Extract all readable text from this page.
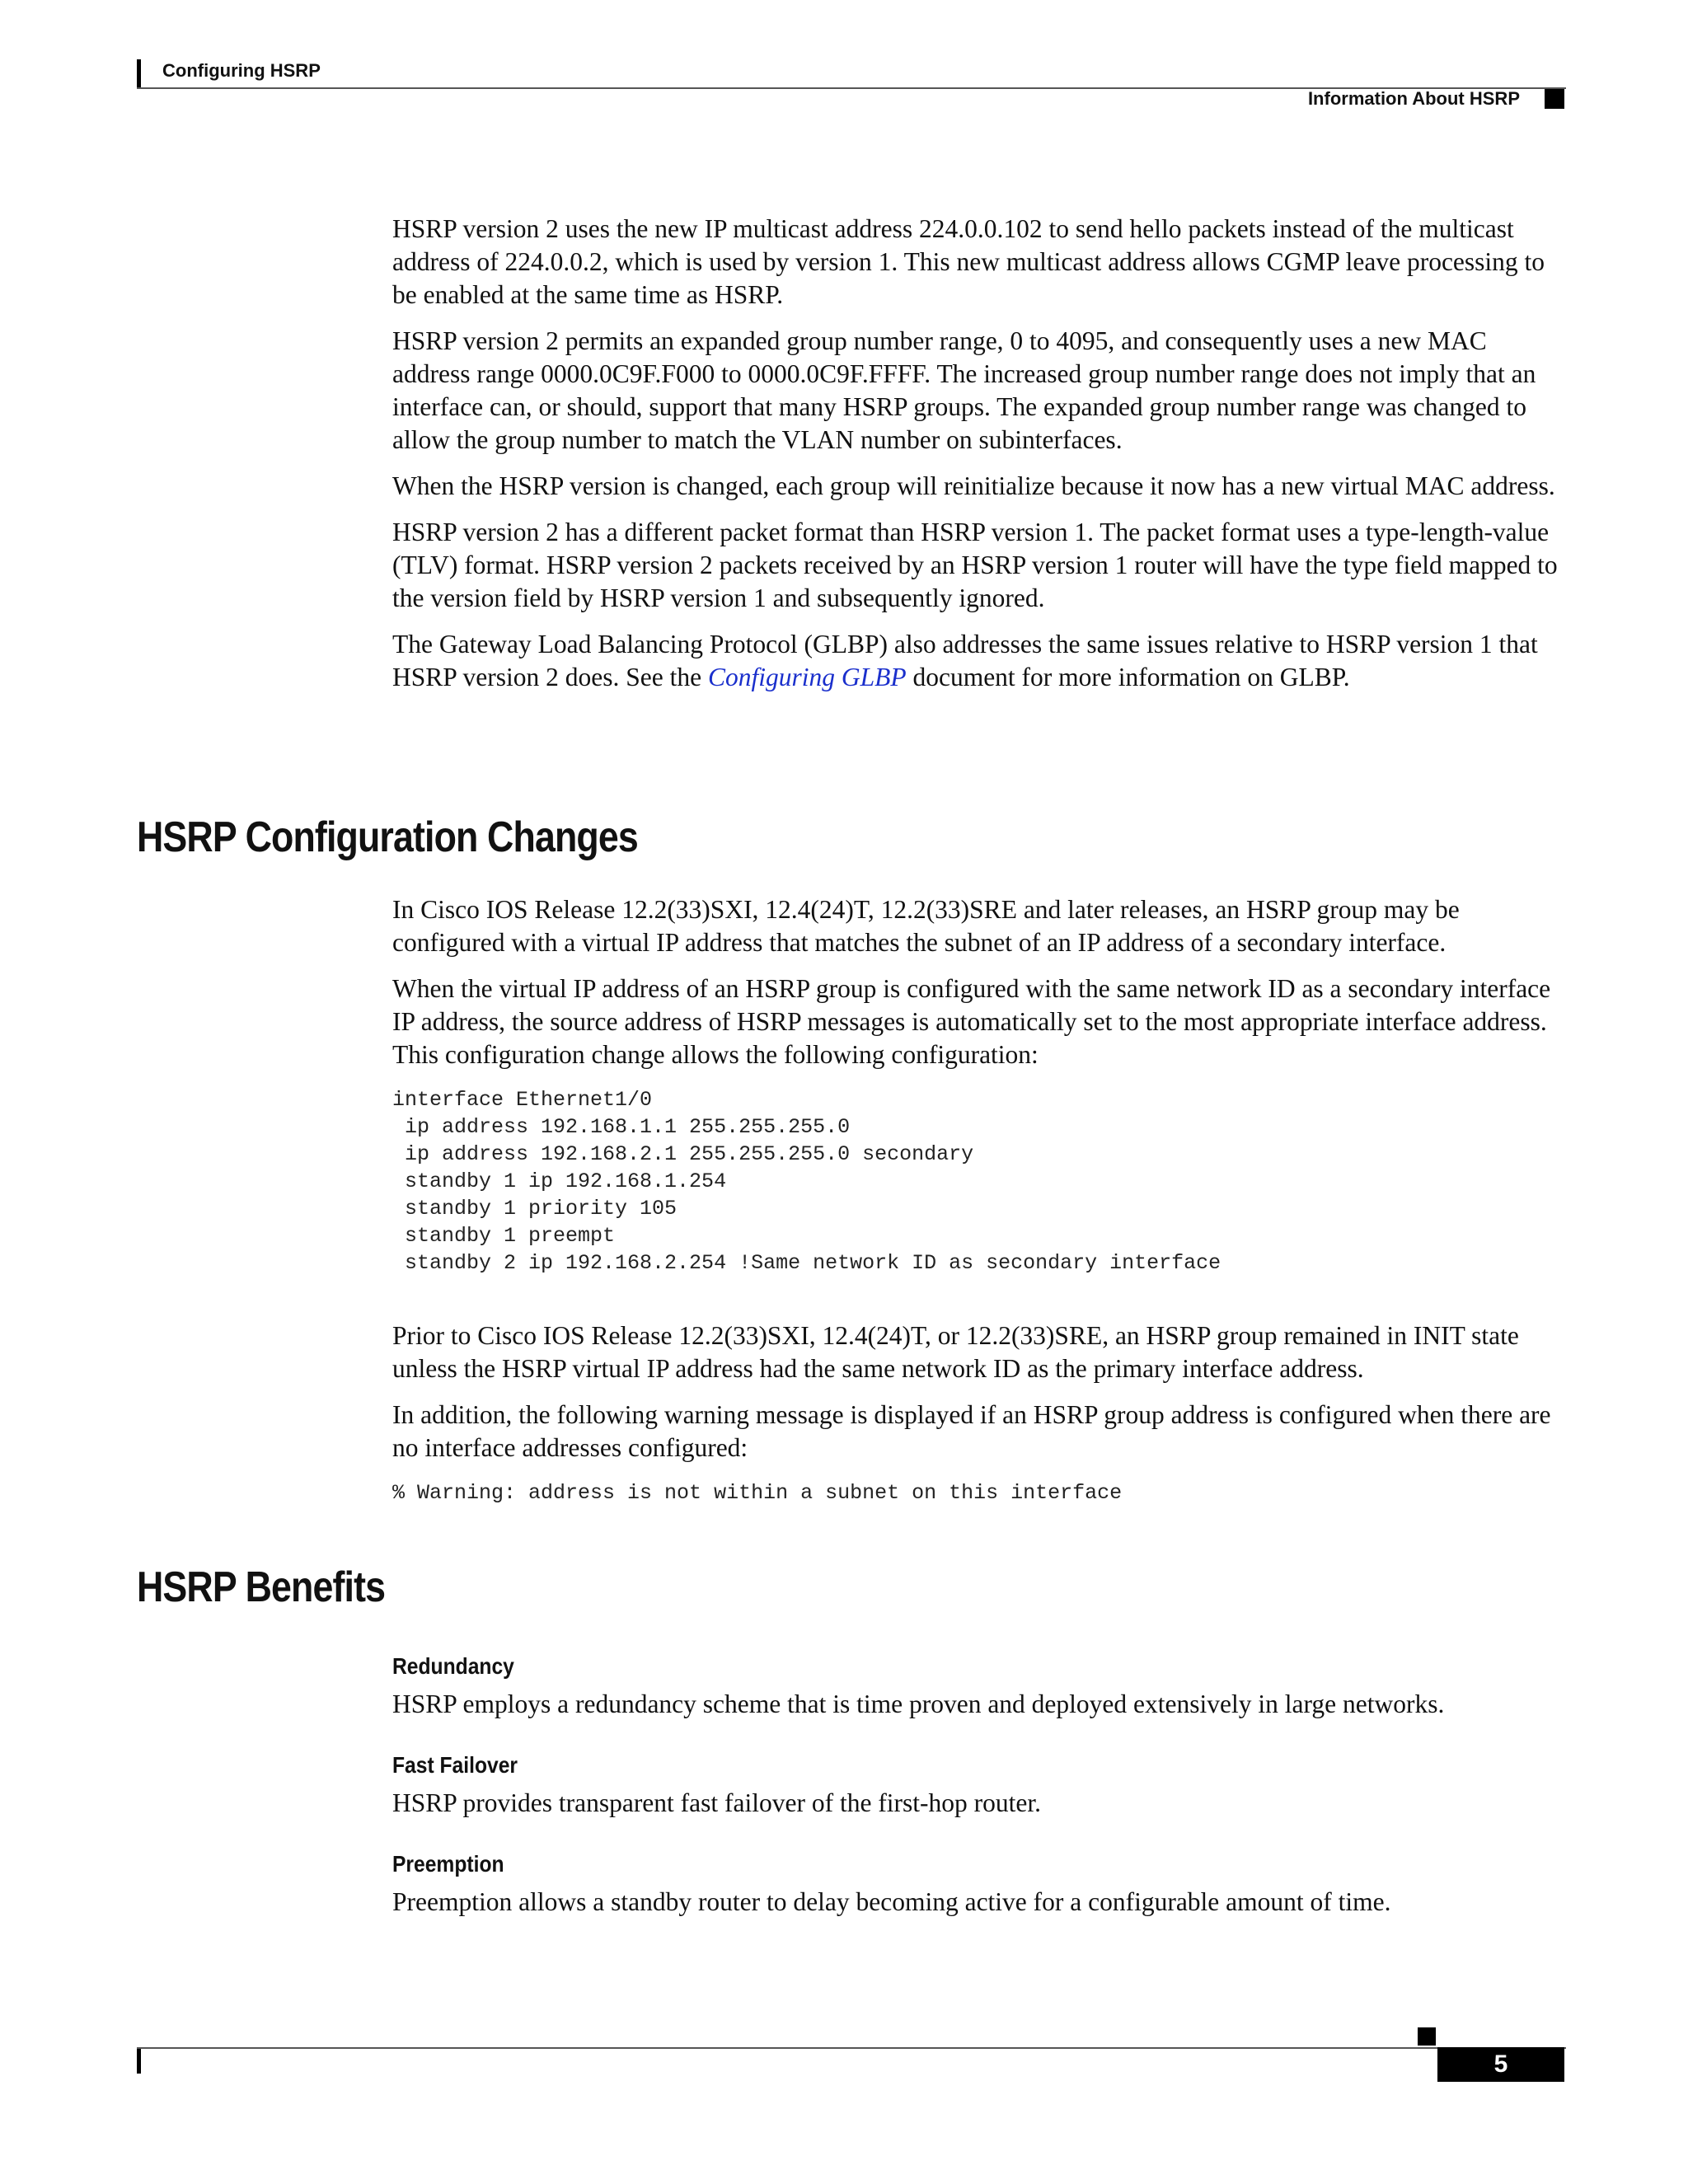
Configuring HSRP
Information About HSRP

HSRP version 2 uses the new IP multicast address 224.0.0.102 to send hello packets instead of the multicast address of 224.0.0.2, which is used by version 1. This new multicast address allows CGMP leave processing to be enabled at the same time as HSRP.

HSRP version 2 permits an expanded group number range, 0 to 4095, and consequently uses a new MAC address range 0000.0C9F.F000 to 0000.0C9F.FFFF. The increased group number range does not imply that an interface can, or should, support that many HSRP groups. The expanded group number range was changed to allow the group number to match the VLAN number on subinterfaces.

When the HSRP version is changed, each group will reinitialize because it now has a new virtual MAC address.

HSRP version 2 has a different packet format than HSRP version 1. The packet format uses a type-length-value (TLV) format. HSRP version 2 packets received by an HSRP version 1 router will have the type field mapped to the version field by HSRP version 1 and subsequently ignored.

The Gateway Load Balancing Protocol (GLBP) also addresses the same issues relative to HSRP version 1 that HSRP version 2 does. See the Configuring GLBP document for more information on GLBP.

HSRP Configuration Changes

In Cisco IOS Release 12.2(33)SXI, 12.4(24)T, 12.2(33)SRE and later releases, an HSRP group may be configured with a virtual IP address that matches the subnet of an IP address of a secondary interface.

When the virtual IP address of an HSRP group is configured with the same network ID as a secondary interface IP address, the source address of HSRP messages is automatically set to the most appropriate interface address. This configuration change allows the following configuration:

interface Ethernet1/0
ip address 192.168.1.1 255.255.255.0
ip address 192.168.2.1 255.255.255.0 secondary
standby 1 ip 192.168.1.254
standby 1 priority 105
standby 1 preempt
standby 2 ip 192.168.2.254 !Same network ID as secondary interface

Prior to Cisco IOS Release 12.2(33)SXI, 12.4(24)T, or 12.2(33)SRE, an HSRP group remained in INIT state unless the HSRP virtual IP address had the same network ID as the primary interface address.

In addition, the following warning message is displayed if an HSRP group address is configured when there are no interface addresses configured:

% Warning: address is not within a subnet on this interface
HSRP Benefits
Redundancy

HSRP employs a redundancy scheme that is time proven and deployed extensively in large networks.

Fast Failover

HSRP provides transparent fast failover of the first-hop router.

Preemption

Preemption allows a standby router to delay becoming active for a configurable amount of time.

5
